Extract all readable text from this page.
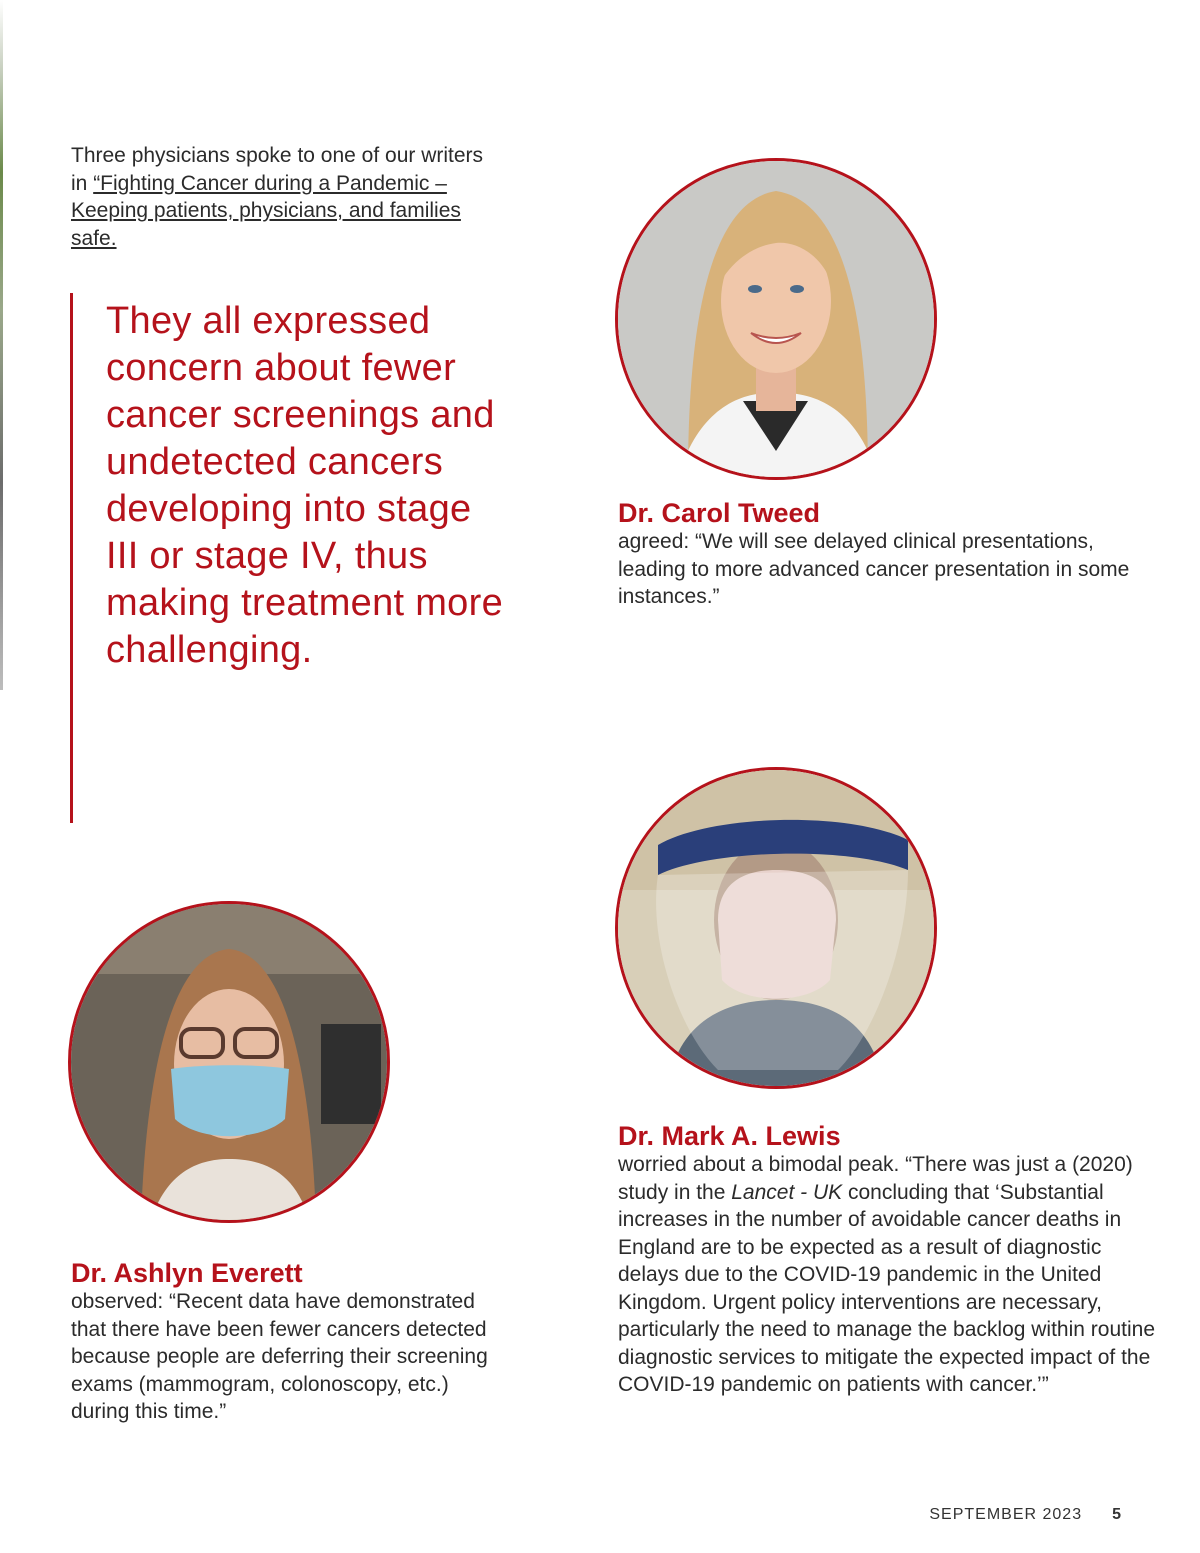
Three physicians spoke to one of our writers in “Fighting Cancer during a Pandemic – Keeping patients, physicians, and families safe.
They all expressed concern about fewer cancer screenings and undetected cancers developing into stage III or stage IV, thus making treatment more challenging.
Dr. Carol Tweed
agreed: “We will see delayed clinical presentations, leading to more advanced cancer presentation in some instances.”
Dr. Mark A. Lewis
worried about a bimodal peak. “There was just a (2020) study in the Lancet - UK concluding that ‘Substantial increases in the number of avoidable cancer deaths in England are to be expected as a result of diagnostic delays due to the COVID-19 pandemic in the United Kingdom. Urgent policy interventions are necessary, particularly the need to manage the backlog within routine diagnostic services to mitigate the expected impact of the COVID-19 pandemic on patients with cancer.’”
Dr. Ashlyn Everett
observed: “Recent data have demonstrated that there have been fewer cancers detected because people are deferring their screening exams (mammogram, colonoscopy, etc.) during this time.”
SEPTEMBER 2023 5
